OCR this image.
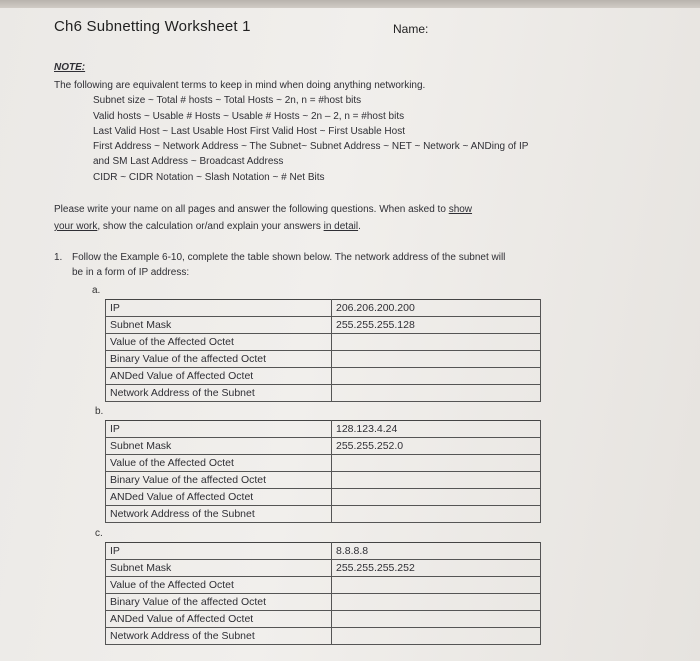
Ch6 Subnetting Worksheet 1	Name:
NOTE:
The following are equivalent terms to keep in mind when doing anything networking.
Subnet size ~ Total # hosts ~ Total Hosts ~ 2n, n = #host bits
Valid hosts ~ Usable # Hosts ~ Usable # Hosts ~ 2n – 2, n = #host bits
Last Valid Host ~ Last Usable Host First Valid Host ~ First Usable Host
First Address ~ Network Address ~ The Subnet~ Subnet Address ~ NET ~ Network ~ ANDing of IP
and SM Last Address ~ Broadcast Address
CIDR ~ CIDR Notation ~ Slash Notation ~ # Net Bits
Please write your name on all pages and answer the following questions. When asked to show
your work, show the calculation or/and explain your answers in detail.
1. Follow the Example 6-10, complete the table shown below. The network address of the subnet will
be in a form of IP address:
a.
IP	206.206.200.200
Subnet Mask	255.255.255.128
Value of the Affected Octet	
Binary Value of the affected Octet	
ANDed Value of Affected Octet	
Network Address of the Subnet	
b.
IP	128.123.4.24
Subnet Mask	255.255.252.0
Value of the Affected Octet	
Binary Value of the affected Octet	
ANDed Value of Affected Octet	
Network Address of the Subnet	
c.
IP	8.8.8.8
Subnet Mask	255.255.255.252
Value of the Affected Octet	
Binary Value of the affected Octet	
ANDed Value of Affected Octet	
Network Address of the Subnet	
